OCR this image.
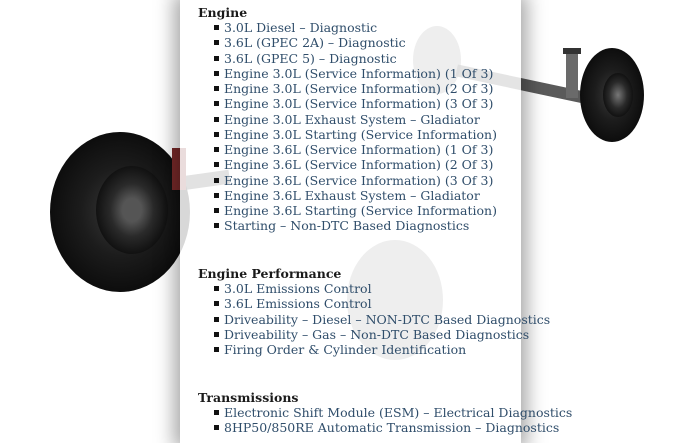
Engine
3.0L Diesel – Diagnostic
3.6L (GPEC 2A) – Diagnostic
3.6L (GPEC 5) – Diagnostic
Engine 3.0L (Service Information) (1 Of 3)
Engine 3.0L (Service Information) (2 Of 3)
Engine 3.0L (Service Information) (3 Of 3)
Engine 3.0L Exhaust System – Gladiator
Engine 3.0L Starting (Service Information)
Engine 3.6L (Service Information) (1 Of 3)
Engine 3.6L (Service Information) (2 Of 3)
Engine 3.6L (Service Information) (3 Of 3)
Engine 3.6L Exhaust System – Gladiator
Engine 3.6L Starting (Service Information)
Starting – Non-DTC Based Diagnostics
Engine Performance
3.0L Emissions Control
3.6L Emissions Control
Driveability – Diesel – NON-DTC Based Diagnostics
Driveability – Gas – Non-DTC Based Diagnostics
Firing Order & Cylinder Identification
Transmissions
Electronic Shift Module (ESM) – Electrical Diagnostics
8HP50/850RE Automatic Transmission – Diagnostics
